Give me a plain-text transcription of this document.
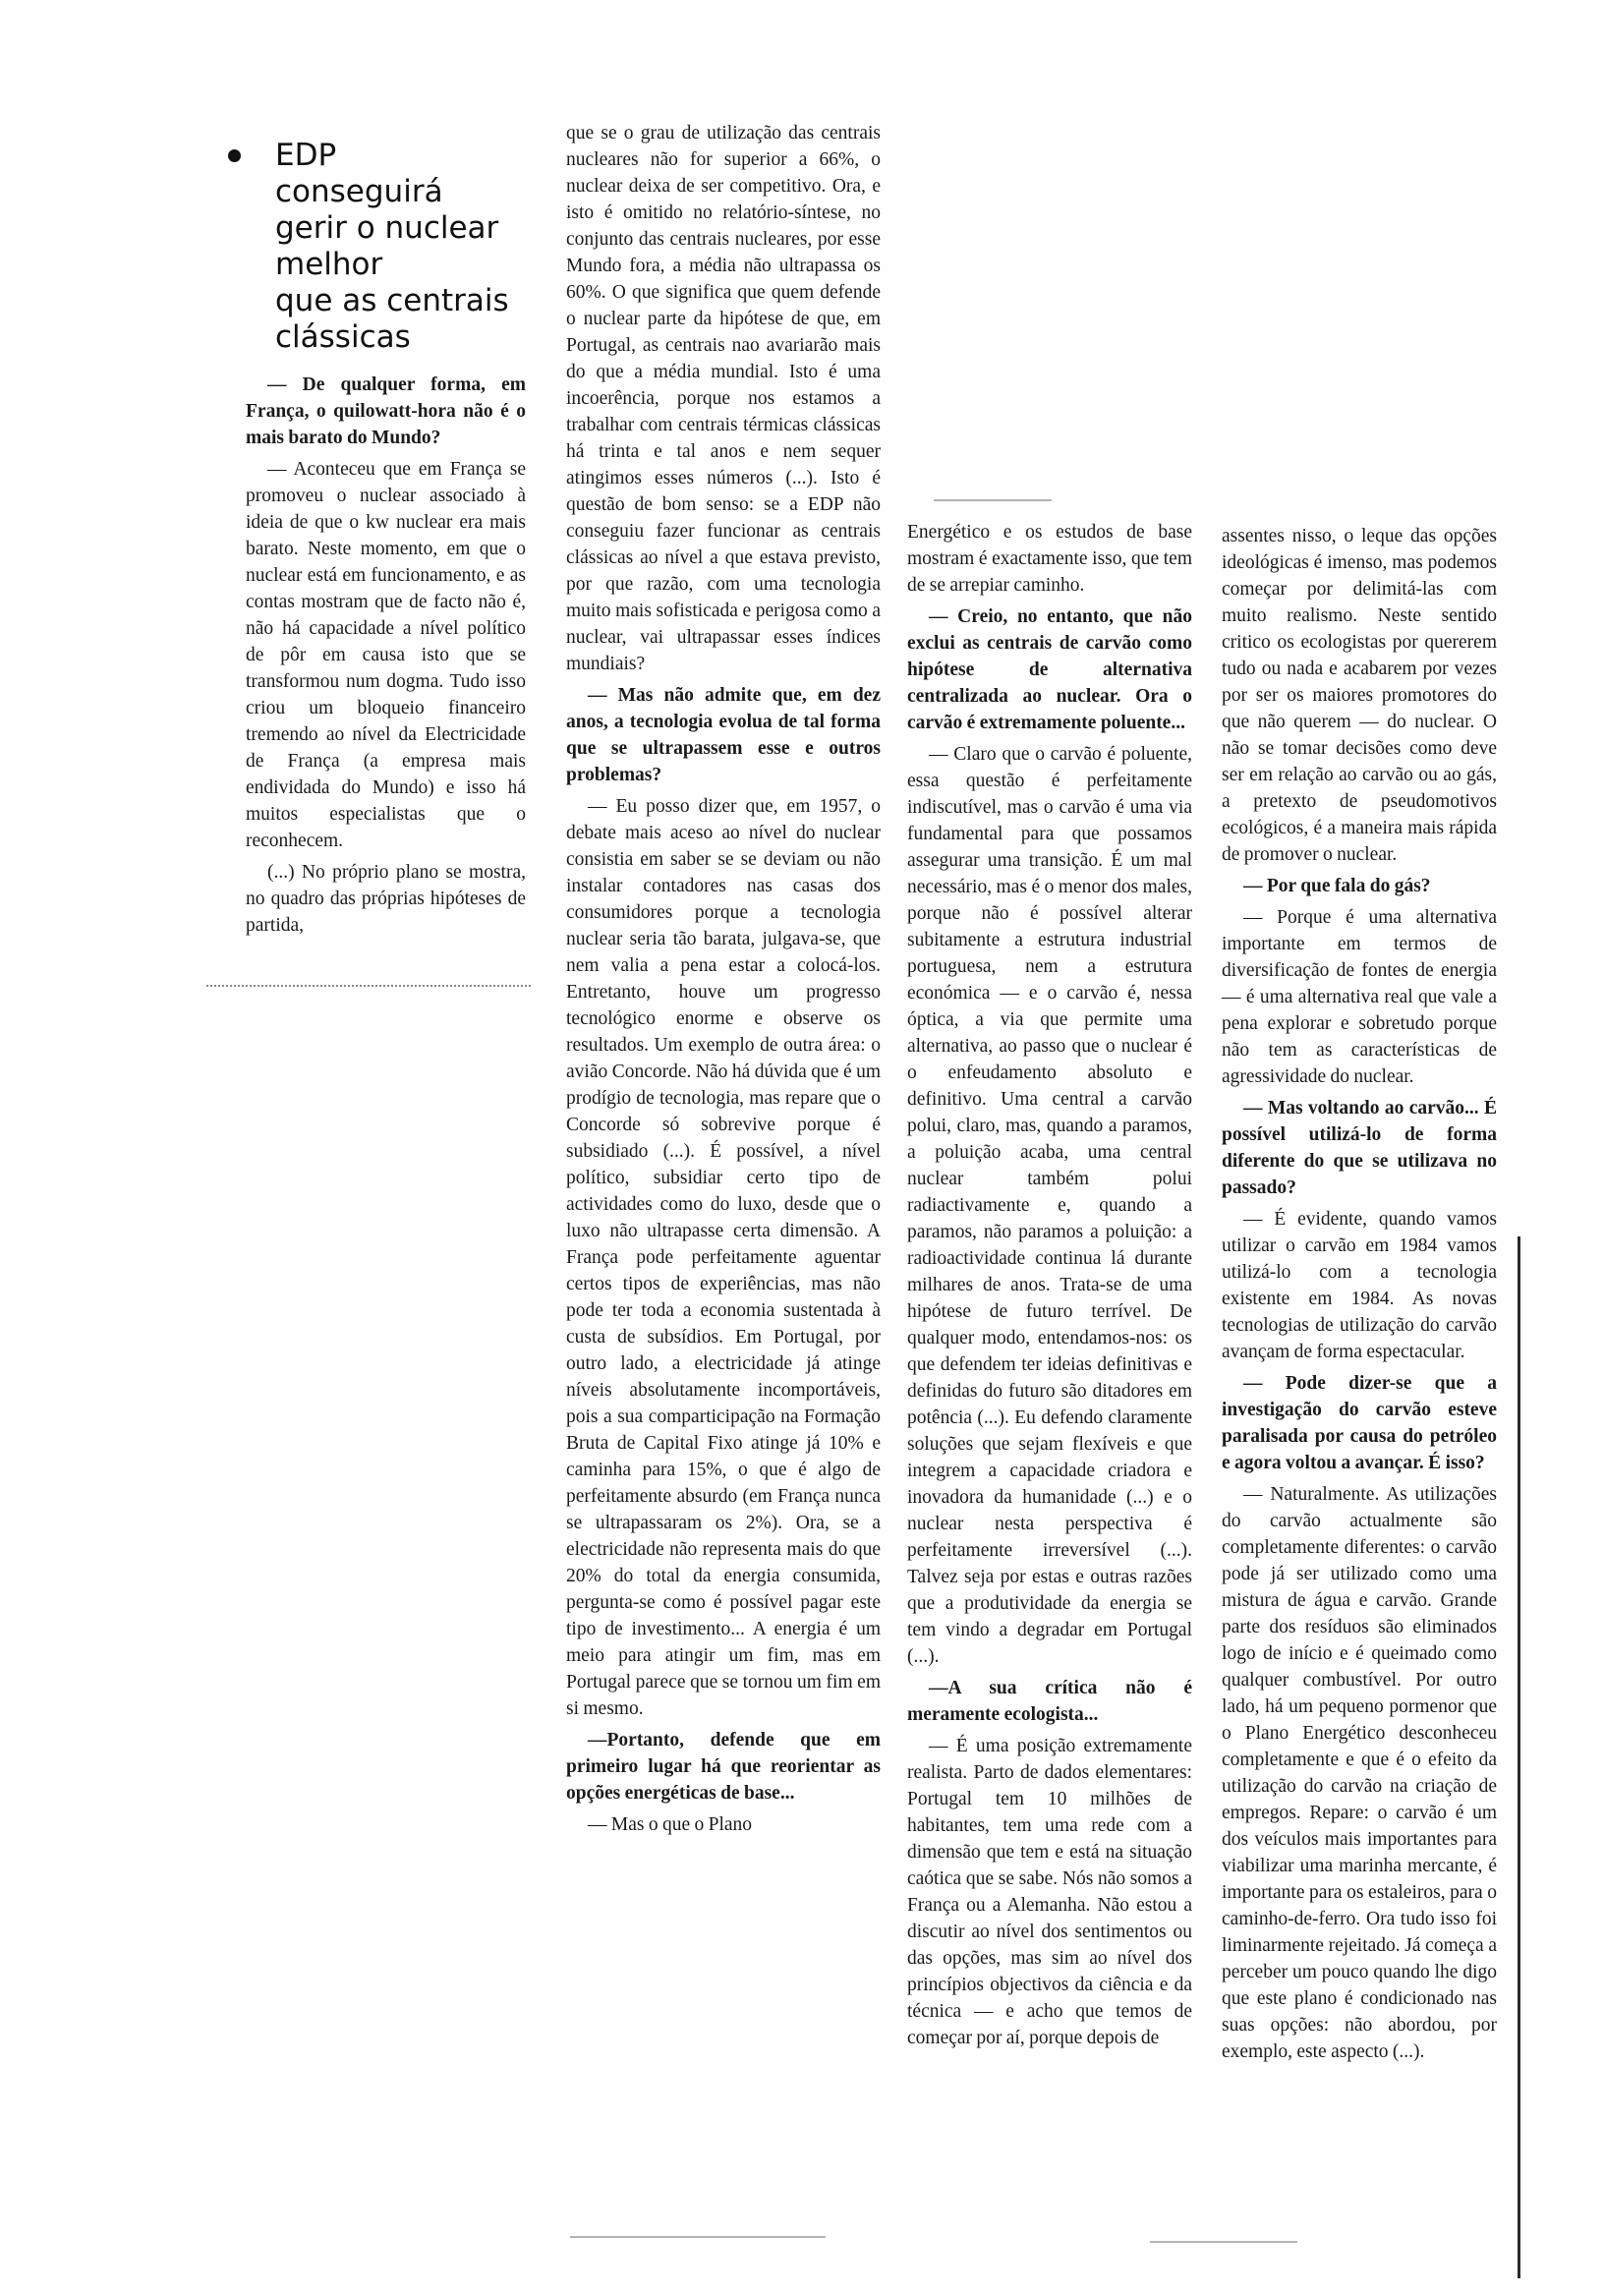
EDP
conseguirá
gerir o nuclear
melhor
que as centrais
clássicas

— De qualquer forma, em França, o quilowatt-hora não é o mais barato do Mundo?

— Aconteceu que em França se promoveu o nuclear associado à ideia de que o kw nuclear era mais barato. Neste momento, em que o nuclear está em funcionamento, e as contas mostram que de facto não é, não há capacidade a nível político de pôr em causa isto que se transformou num dogma. Tudo isso criou um bloqueio financeiro tremendo ao nível da Electricidade de França (a empresa mais endividada do Mundo) e isso há muitos especialistas que o reconhecem.

(...) No próprio plano se mostra, no quadro das próprias hipóteses de partida,

que se o grau de utilização das centrais nucleares não for superior a 66%, o nuclear deixa de ser competitivo. Ora, e isto é omitido no relatório-síntese, no conjunto das centrais nucleares, por esse Mundo fora, a média não ultrapassa os 60%. O que significa que quem defende o nuclear parte da hipótese de que, em Portugal, as centrais nao avariarão mais do que a média mundial. Isto é uma incoerência, porque nos estamos a trabalhar com centrais térmicas clássicas há trinta e tal anos e nem sequer atingimos esses números (...). Isto é questão de bom senso: se a EDP não conseguiu fazer funcionar as centrais clássicas ao nível a que estava previsto, por que razão, com uma tecnologia muito mais sofisticada e perigosa como a nuclear, vai ultrapassar esses índices mundiais?

— Mas não admite que, em dez anos, a tecnologia evolua de tal forma que se ultrapassem esse e outros problemas?

— Eu posso dizer que, em 1957, o debate mais aceso ao nível do nuclear consistia em saber se se deviam ou não instalar contadores nas casas dos consumidores porque a tecnologia nuclear seria tão barata, julgava-se, que nem valia a pena estar a colocá-los. Entretanto, houve um progresso tecnológico enorme e observe os resultados. Um exemplo de outra área: o avião Concorde. Não há dúvida que é um prodígio de tecnologia, mas repare que o Concorde só sobrevive porque é subsidiado (...). É possível, a nível político, subsidiar certo tipo de actividades como do luxo, desde que o luxo não ultrapasse certa dimensão. A França pode perfeitamente aguentar certos tipos de experiências, mas não pode ter toda a economia sustentada à custa de subsídios. Em Portugal, por outro lado, a electricidade já atinge níveis absolutamente incomportáveis, pois a sua comparticipação na Formação Bruta de Capital Fixo atinge já 10% e caminha para 15%, o que é algo de perfeitamente absurdo (em França nunca se ultrapassaram os 2%). Ora, se a electricidade não representa mais do que 20% do total da energia consumida, pergunta-se como é possível pagar este tipo de investimento... A energia é um meio para atingir um fim, mas em Portugal parece que se tornou um fim em si mesmo.

—Portanto, defende que em primeiro lugar há que reorientar as opções energéticas de base...

— Mas o que o Plano

Energético e os estudos de base mostram é exactamente isso, que tem de se arrepiar caminho.

— Creio, no entanto, que não exclui as centrais de carvão como hipótese de alternativa centralizada ao nuclear. Ora o carvão é extremamente poluente...

— Claro que o carvão é poluente, essa questão é perfeitamente indiscutível, mas o carvão é uma via fundamental para que possamos assegurar uma transição. É um mal necessário, mas é o menor dos males, porque não é possível alterar subitamente a estrutura industrial portuguesa, nem a estrutura económica — e o carvão é, nessa óptica, a via que permite uma alternativa, ao passo que o nuclear é o enfeudamento absoluto e definitivo. Uma central a carvão polui, claro, mas, quando a paramos, a poluição acaba, uma central nuclear também polui radiactivamente e, quando a paramos, não paramos a poluição: a radioactividade continua lá durante milhares de anos. Trata-se de uma hipótese de futuro terrível. De qualquer modo, entendamos-nos: os que defendem ter ideias definitivas e definidas do futuro são ditadores em potência (...). Eu defendo claramente soluções que sejam flexíveis e que integrem a capacidade criadora e inovadora da humanidade (...) e o nuclear nesta perspectiva é perfeitamente irreversível (...). Talvez seja por estas e outras razões que a produtividade da energia se tem vindo a degradar em Portugal (...).

—A sua crítica não é meramente ecologista...

— É uma posição extremamente realista. Parto de dados elementares: Portugal tem 10 milhões de habitantes, tem uma rede com a dimensão que tem e está na situação caótica que se sabe. Nós não somos a França ou a Alemanha. Não estou a discutir ao nível dos sentimentos ou das opções, mas sim ao nível dos princípios objectivos da ciência e da técnica — e acho que temos de começar por aí, porque depois de

assentes nisso, o leque das opções ideológicas é imenso, mas podemos começar por delimitá-las com muito realismo. Neste sentido critico os ecologistas por quererem tudo ou nada e acabarem por vezes por ser os maiores promotores do que não querem — do nuclear. O não se tomar decisões como deve ser em relação ao carvão ou ao gás, a pretexto de pseudomotivos ecológicos, é a maneira mais rápida de promover o nuclear.

— Por que fala do gás?

— Porque é uma alternativa importante em termos de diversificação de fontes de energia — é uma alternativa real que vale a pena explorar e sobretudo porque não tem as características de agressividade do nuclear.

— Mas voltando ao carvão... É possível utilizá-lo de forma diferente do que se utilizava no passado?

— É evidente, quando vamos utilizar o carvão em 1984 vamos utilizá-lo com a tecnologia existente em 1984. As novas tecnologias de utilização do carvão avançam de forma espectacular.

— Pode dizer-se que a investigação do carvão esteve paralisada por causa do petróleo e agora voltou a avançar. É isso?

— Naturalmente. As utilizações do carvão actualmente são completamente diferentes: o carvão pode já ser utilizado como uma mistura de água e carvão. Grande parte dos resíduos são eliminados logo de início e é queimado como qualquer combustível. Por outro lado, há um pequeno pormenor que o Plano Energético desconheceu completamente e que é o efeito da utilização do carvão na criação de empregos. Repare: o carvão é um dos veículos mais importantes para viabilizar uma marinha mercante, é importante para os estaleiros, para o caminho-de-ferro. Ora tudo isso foi liminarmente rejeitado. Já começa a perceber um pouco quando lhe digo que este plano é condicionado nas suas opções: não abordou, por exemplo, este aspecto (...).
